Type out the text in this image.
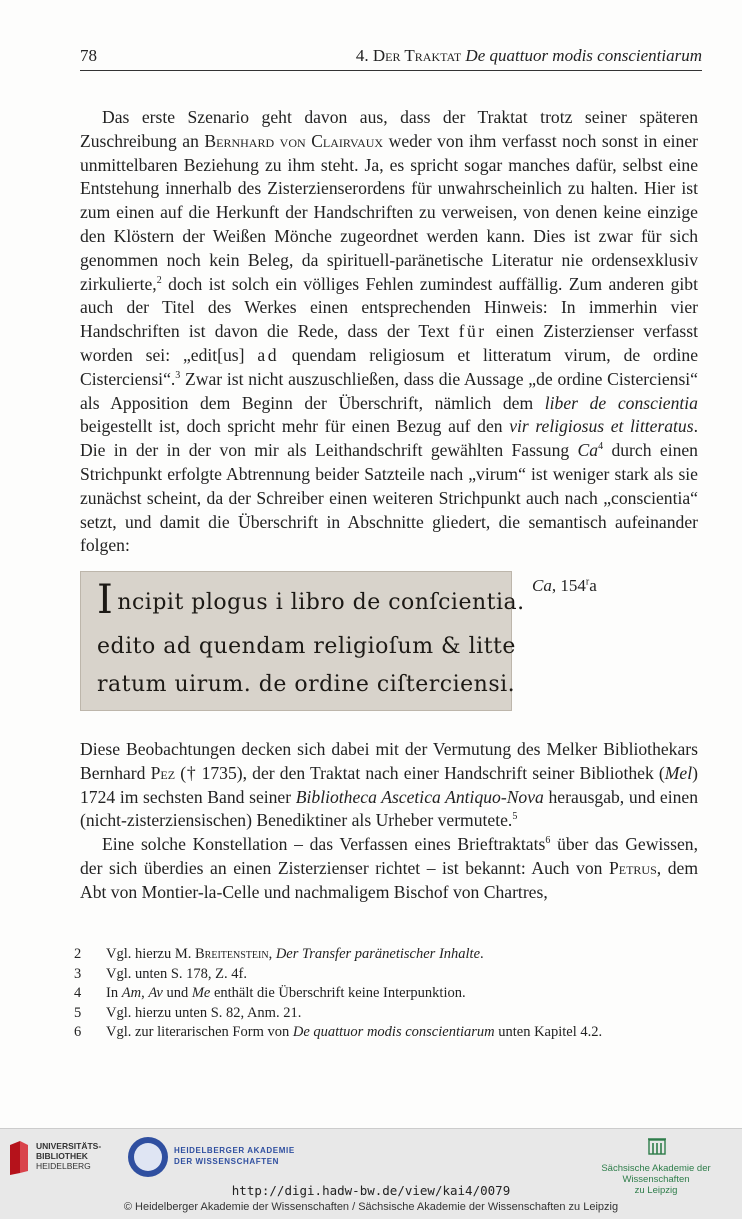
78	4. Der Traktat De quattuor modis conscientiarum

Das erste Szenario geht davon aus, dass der Traktat trotz seiner späteren Zuschreibung an Bernhard von Clairvaux weder von ihm verfasst noch sonst in einer unmittelbaren Beziehung zu ihm steht. Ja, es spricht sogar manches dafür, selbst eine Entstehung innerhalb des Zisterzienserordens für unwahrscheinlich zu halten. Hier ist zum einen auf die Herkunft der Handschriften zu verweisen, von denen keine einzige den Klöstern der Weißen Mönche zugeordnet werden kann. Dies ist zwar für sich genommen noch kein Beleg, da spirituell-paränetische Literatur nie ordensexklusiv zirkulierte,$^2$ doch ist solch ein völliges Fehlen zumindest auffällig. Zum anderen gibt auch der Titel des Werkes einen entsprechenden Hinweis: In immerhin vier Handschriften ist davon die Rede, dass der Text für einen Zisterzienser verfasst worden sei: „edit[us] ad quendam religiosum et litteratum virum, de ordine Cisterciensi“.$^3$ Zwar ist nicht auszuschließen, dass die Aussage „de ordine Cisterciensi“ als Apposition dem Beginn der Überschrift, nämlich dem liber de conscientia beigestellt ist, doch spricht mehr für einen Bezug auf den vir religiosus et litteratus. Die in der in der von mir als Leithandschrift gewählten Fassung Ca$^4$ durch einen Strichpunkt erfolgte Abtrennung beider Satzteile nach „virum“ ist weniger stark als sie zunächst scheint, da der Schreiber einen weiteren Strichpunkt auch nach „conscientia“ setzt, und damit die Überschrift in Abschnitte gliedert, die semantisch aufeinander folgen:

Incipit plogus i libro de conſcientia.
edito ad quendam religioſum & litte
ratum uirum. de ordine ciſterciensi.
Ca, 154$^r$a

Diese Beobachtungen decken sich dabei mit der Vermutung des Melker Bibliothekars Bernhard Pez († 1735), der den Traktat nach einer Handschrift seiner Bibliothek (Mel) 1724 im sechsten Band seiner Bibliotheca Ascetica Antiquo-Nova herausgab, und einen (nicht-zisterziensischen) Benediktiner als Urheber vermutete.$^5$

Eine solche Konstellation – das Verfassen eines Brieftraktats$^6$ über das Gewissen, der sich überdies an einen Zisterzienser richtet – ist bekannt: Auch von Petrus, dem Abt von Montier-la-Celle und nachmaligem Bischof von Chartres,

2 Vgl. hierzu M. Breitenstein, Der Transfer paränetischer Inhalte.
3 Vgl. unten S. 178, Z. 4f.
4 In Am, Av und Me enthält die Überschrift keine Interpunktion.
5 Vgl. hierzu unten S. 82, Anm. 21.
6 Vgl. zur literarischen Form von De quattuor modis conscientiarum unten Kapitel 4.2.
UNIVERSITÄTS-
BIBLIOTHEK
HEIDELBERG
HEIDELBERGER AKADEMIE
DER WISSENSCHAFTEN
Sächsische Akademie der Wissenschaften
zu Leipzig
http://digi.hadw-bw.de/view/kai4/0079
© Heidelberger Akademie der Wissenschaften / Sächsische Akademie der Wissenschaften zu Leipzig
